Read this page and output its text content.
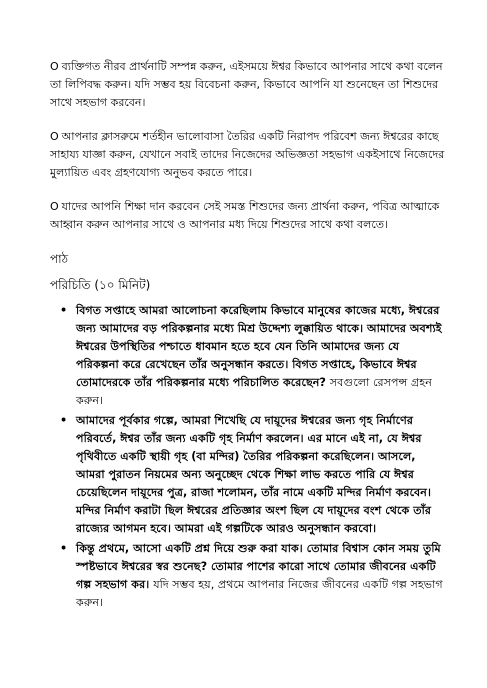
O ব্যক্তিগত নীরব প্রার্থনাটি সম্পন্ন করুন, এইসময়ে ঈশ্বর কিভাবে আপনার সাথে কথা বলেন তা লিপিবদ্ধ করুন। যদি সম্ভব হয় বিবেচনা করুন, কিভাবে আপনি যা শুনেছেন তা শিশুদের সাথে সহভাগ করবেন।

O আপনার ক্লাসরুমে শর্তহীন ভালোবাসা তৈরির একটি নিরাপদ পরিবেশ জন্য ঈশ্বরের কাছে সাহায্য যাজ্ঞা করুন, যেখানে সবাই তাদের নিজেদের অভিজ্ঞতা সহভাগ একইসাথে নিজেদের মুল্যায়িত এবং গ্রহণযোগ্য অনুভব করতে পারে।

O যাদের আপনি শিক্ষা দান করবেন সেই সমস্ত শিশুদের জন্য প্রার্থনা করুন, পবিত্র আত্মাকে আহ্বান করুন আপনার সাথে ও আপনার মধ্য দিয়ে শিশুদের সাথে কথা বলতে।

পাঠ
পরিচিতি (১০ মিনিট)
• বিগত সপ্তাহে আমরা আলোচনা করেছিলাম কিভাবে মানুষের কাজের মধ্যে, ঈশ্বরের জন্য আমাদের বড় পরিকল্পনার মধ্যে মিশ্র উদ্দেশ্য লুক্কায়িত থাকে। আমাদের অবশ্যই ঈশ্বরের উপস্থিতির পশ্চাতে ধাবমান হতে হবে যেন তিনি আমাদের জন্য যে পরিকল্পনা করে রেখেছেন তাঁর অনুসন্ধান করতে। বিগত সপ্তাহে, কিভাবে ঈশ্বর তোমাদেরকে তাঁর পরিকল্পনার মধ্যে পরিচালিত করেছেন? সবগুলো রেসপন্স গ্রহন করুন।
• আমাদের পূর্বকার গল্পে, আমরা শিখেছি যে দায়ূদের ঈশ্বরের জন্য গৃহ নির্মাণের পরিবর্তে, ঈশ্বর তাঁর জন্য একটি গৃহ নির্মাণ করলেন। এর মানে এই না, যে ঈশ্বর পৃথিবীতে একটি স্থায়ী গৃহ (বা মন্দির) তৈরির পরিকল্পনা করেছিলেন। আসলে, আমরা পুরাতন নিয়মের অন্য অনুচ্ছেদ থেকে শিক্ষা লাভ করতে পারি যে ঈশ্বর চেয়েছিলেন দায়ূদের পুত্র, রাজা শলোমন, তাঁর নামে একটি মন্দির নির্মাণ করবেন। মন্দির নির্মাণ করাটা ছিল ঈশ্বরের প্রতিজ্ঞার অংশ ছিল যে দায়ূদের বংশ থেকে তাঁর রাজ্যের আগমন হবে। আমরা এই গল্পটিকে আরও অনুসন্ধান করবো।
• কিন্তু প্রথমে, আসো একটি প্রশ্ন দিয়ে শুরু করা যাক। তোমার বিশ্বাস কোন সময় তুমি স্পষ্টভাবে ঈশ্বরের স্বর শুনেছ? তোমার পাশের কারো সাথে তোমার জীবনের একটি গল্প সহভাগ কর। যদি সম্ভব হয়, প্রথমে আপনার নিজের জীবনের একটি গল্প সহভাগ করুন।
